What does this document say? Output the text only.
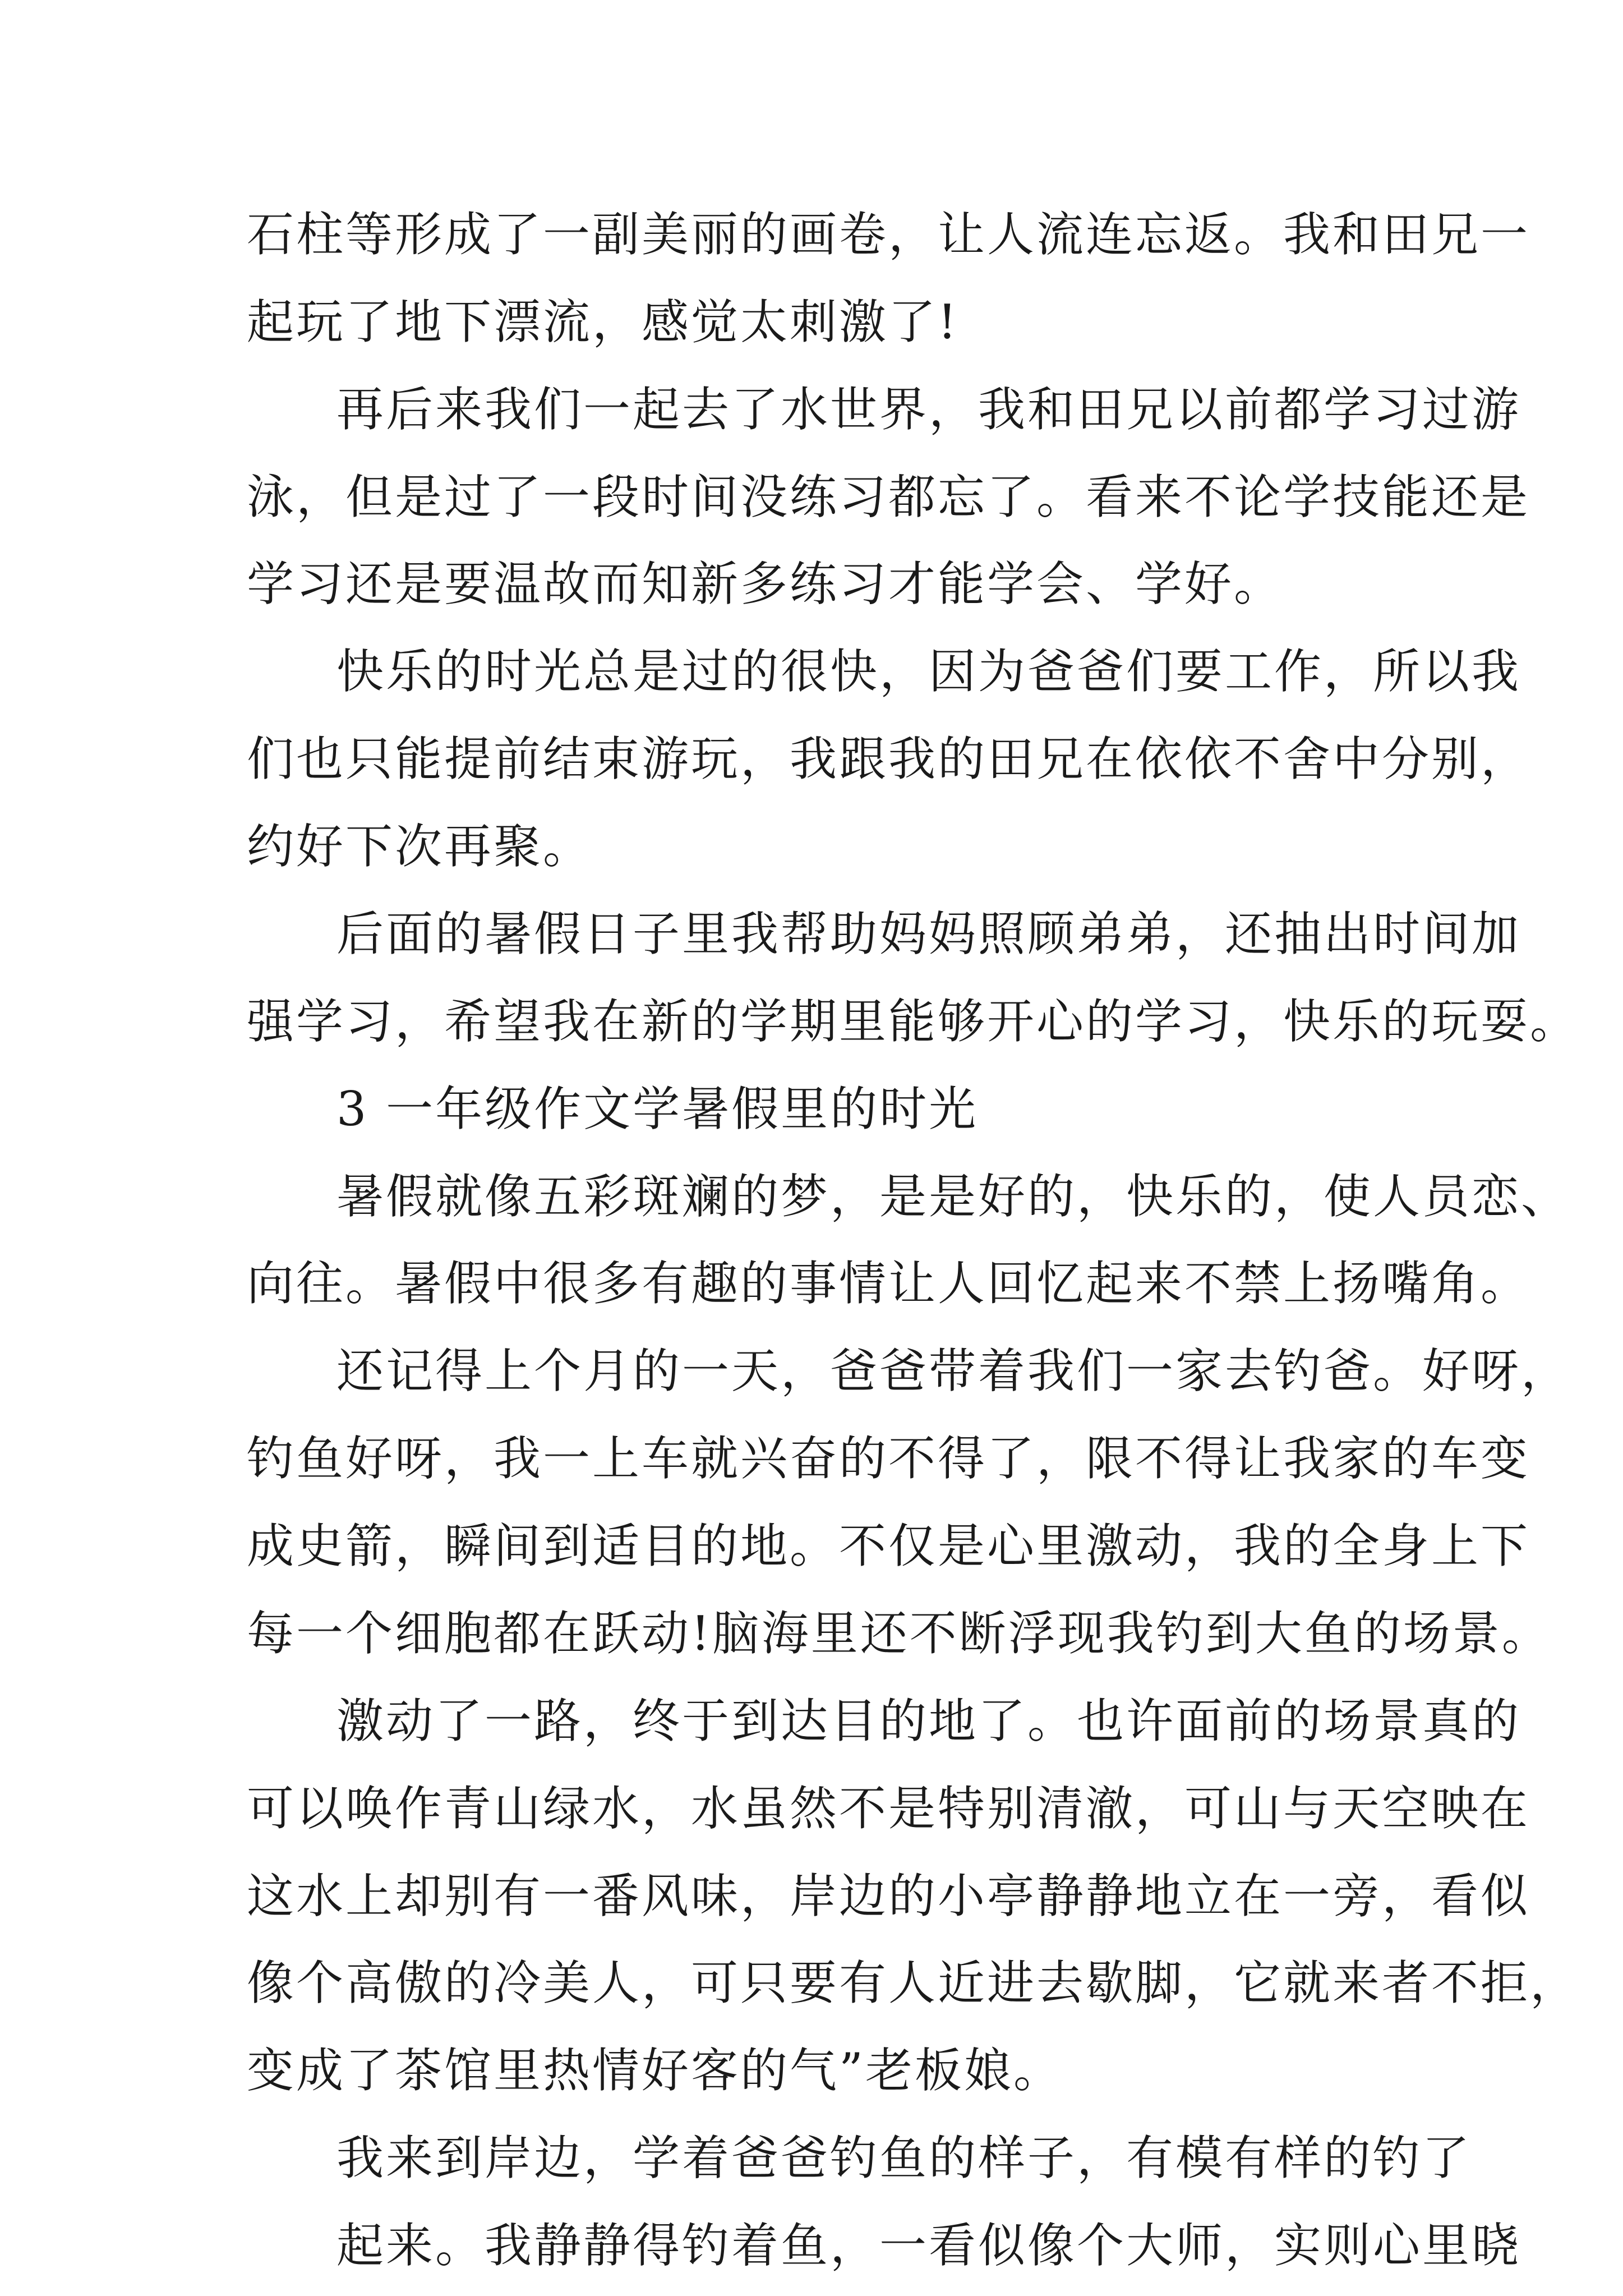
石柱等形成了一副美丽的画卷，让人流连忘返。我和田兄一
起玩了地下漂流，感觉太刺激了!
再后来我们一起去了水世界，我和田兄以前都学习过游
泳，但是过了一段时间没练习都忘了。看来不论学技能还是
学习还是要温故而知新多练习才能学会、学好。
快乐的时光总是过的很快，因为爸爸们要工作，所以我
们也只能提前结束游玩，我跟我的田兄在依依不舍中分别，
约好下次再聚。
后面的暑假日子里我帮助妈妈照顾弟弟，还抽出时间加
强学习，希望我在新的学期里能够开心的学习，快乐的玩耍。
3 一年级作文学暑假里的时光
暑假就像五彩斑斓的梦，是是好的，快乐的，使人员恋、
向往。暑假中很多有趣的事情让人回忆起来不禁上扬嘴角。
还记得上个月的一天，爸爸带着我们一家去钓爸。好呀，
钓鱼好呀，我一上车就兴奋的不得了，限不得让我家的车变
成史箭，瞬间到适目的地。不仅是心里激动，我的全身上下
每一个细胞都在跃动!脑海里还不断浮现我钓到大鱼的场景。
激动了一路，终于到达目的地了。也许面前的场景真的
可以唤作青山绿水，水虽然不是特别清澈，可山与天空映在
这水上却别有一番风味，岸边的小亭静静地立在一旁，看似
像个高傲的冷美人，可只要有人近进去歇脚，它就来者不拒，
变成了茶馆里热情好客的气”老板娘。
我来到岸边，学着爸爸钓鱼的样子，有模有样的钓了
起来。我静静得钓着鱼，一看似像个大师，实则心里晓
